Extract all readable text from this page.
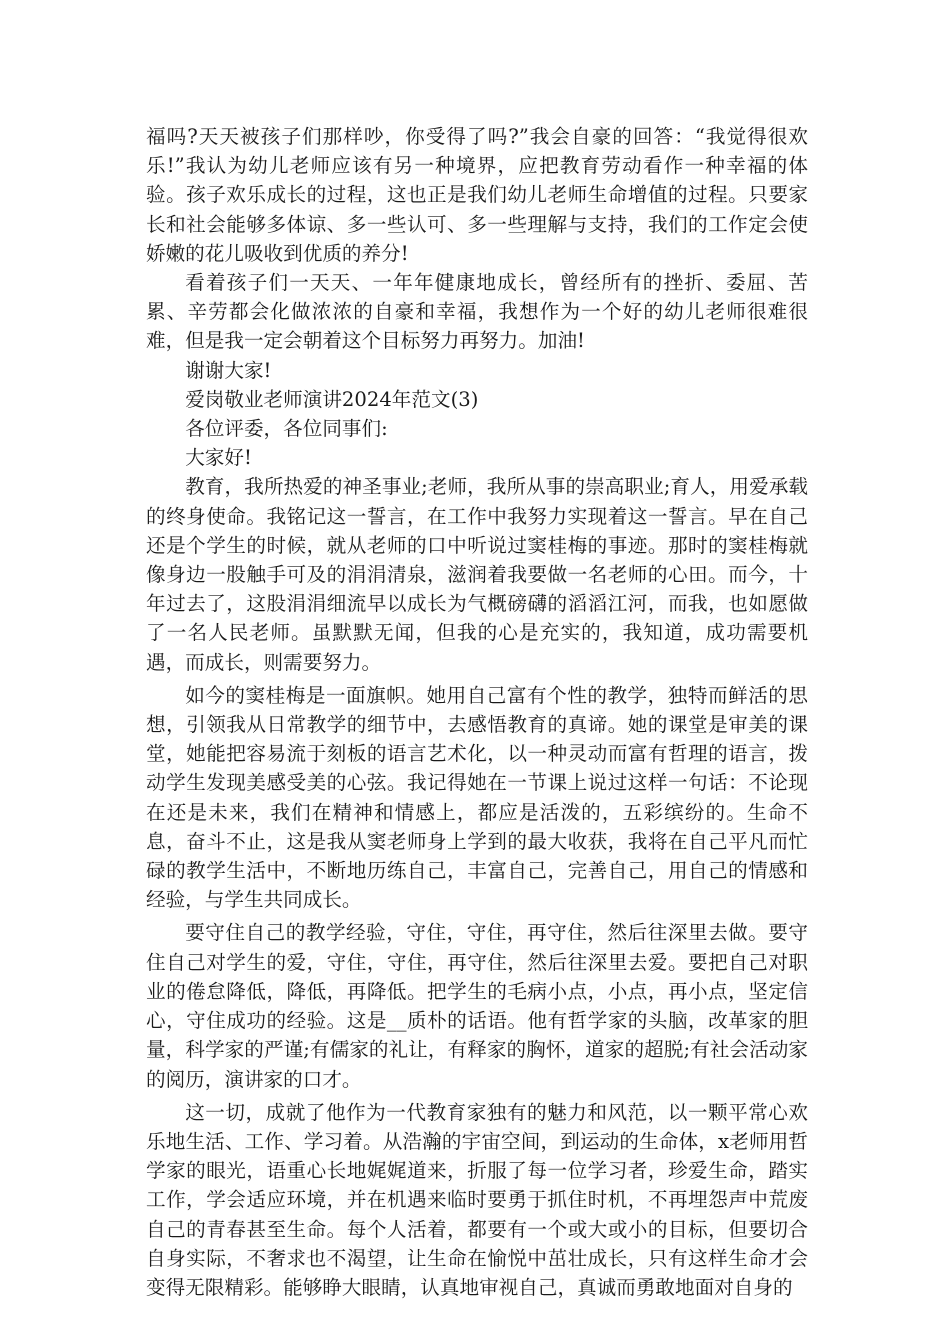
福吗?天天被孩子们那样吵，你受得了吗?”我会自豪的回答：“我觉得很欢乐!”我认为幼儿老师应该有另一种境界，应把教育劳动看作一种幸福的体验。孩子欢乐成长的过程，这也正是我们幼儿老师生命增值的过程。只要家长和社会能够多体谅、多一些认可、多一些理解与支持，我们的工作定会使娇嫩的花儿吸收到优质的养分!

看着孩子们一天天、一年年健康地成长，曾经所有的挫折、委屈、苦累、辛劳都会化做浓浓的自豪和幸福，我想作为一个好的幼儿老师很难很难，但是我一定会朝着这个目标努力再努力。加油!

谢谢大家!

爱岗敬业老师演讲2024年范文(3)

各位评委，各位同事们:

大家好!

教育，我所热爱的神圣事业;老师，我所从事的崇高职业;育人，用爱承载的终身使命。我铭记这一誓言，在工作中我努力实现着这一誓言。早在自己还是个学生的时候，就从老师的口中听说过窦桂梅的事迹。那时的窦桂梅就像身边一股触手可及的涓涓清泉，滋润着我要做一名老师的心田。而今，十年过去了，这股涓涓细流早以成长为气概磅礴的滔滔江河，而我，也如愿做了一名人民老师。虽默默无闻，但我的心是充实的，我知道，成功需要机遇，而成长，则需要努力。

如今的窦桂梅是一面旗帜。她用自己富有个性的教学，独特而鲜活的思想，引领我从日常教学的细节中，去感悟教育的真谛。她的课堂是审美的课堂，她能把容易流于刻板的语言艺术化，以一种灵动而富有哲理的语言，拨动学生发现美感受美的心弦。我记得她在一节课上说过这样一句话：不论现在还是未来，我们在精神和情感上，都应是活泼的，五彩缤纷的。生命不息，奋斗不止，这是我从窦老师身上学到的最大收获，我将在自己平凡而忙碌的教学生活中，不断地历练自己，丰富自己，完善自己，用自己的情感和经验，与学生共同成长。

要守住自己的教学经验，守住，守住，再守住，然后往深里去做。要守住自己对学生的爱，守住，守住，再守住，然后往深里去爱。要把自己对职业的倦怠降低，降低，再降低。把学生的毛病小点，小点，再小点，坚定信心，守住成功的经验。这是__质朴的话语。他有哲学家的头脑，改革家的胆量，科学家的严谨;有儒家的礼让，有释家的胸怀，道家的超脱;有社会活动家的阅历，演讲家的口才。

这一切，成就了他作为一代教育家独有的魅力和风范，以一颗平常心欢乐地生活、工作、学习着。从浩瀚的宇宙空间，到运动的生命体，x老师用哲学家的眼光，语重心长地娓娓道来，折服了每一位学习者，珍爱生命，踏实工作，学会适应环境，并在机遇来临时要勇于抓住时机，不再埋怨声中荒废自己的青春甚至生命。每个人活着，都要有一个或大或小的目标，但要切合自身实际，不奢求也不渴望，让生命在愉悦中茁壮成长，只有这样生命才会变得无限精彩。能够睁大眼睛，认真地审视自己，真诚而勇敢地面对自身的
